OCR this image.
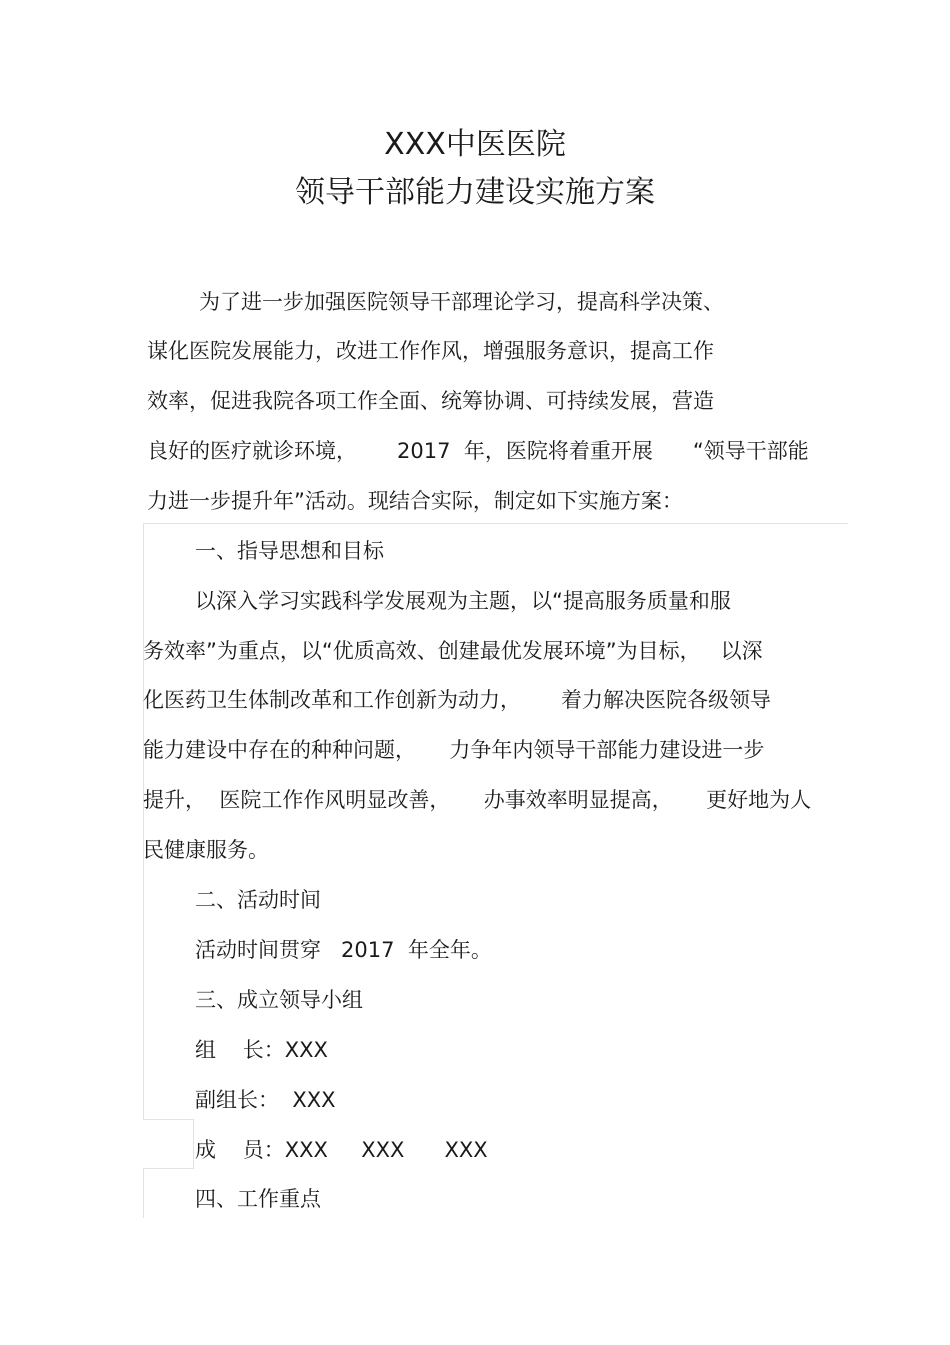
XXX中医医院
领导干部能力建设实施方案
为了进一步加强医院领导干部理论学习，提高科学决策、
谋化医院发展能力，改进工作作风，增强服务意识，提高工作
效率，促进我院各项工作全面、统筹协调、可持续发展，营造
良好的医疗就诊环境，      2017  年，医院将着重开展      “领导干部能
力进一步提升年”活动。现结合实际，制定如下实施方案：
一、指导思想和目标
以深入学习实践科学发展观为主题，以“提高服务质量和服
务效率”为重点，以“优质高效、创建最优发展环境”为目标，   以深
化医药卫生体制改革和工作创新为动力，      着力解决医院各级领导
能力建设中存在的种种问题，     力争年内领导干部能力建设进一步
提升，  医院工作作风明显改善，     办事效率明显提高，     更好地为人
民健康服务。
二、活动时间
活动时间贯穿   2017  年全年。
三、成立领导小组
组    长：XXX
副组长：  XXX
成    员：XXX     XXX      XXX
四、工作重点
